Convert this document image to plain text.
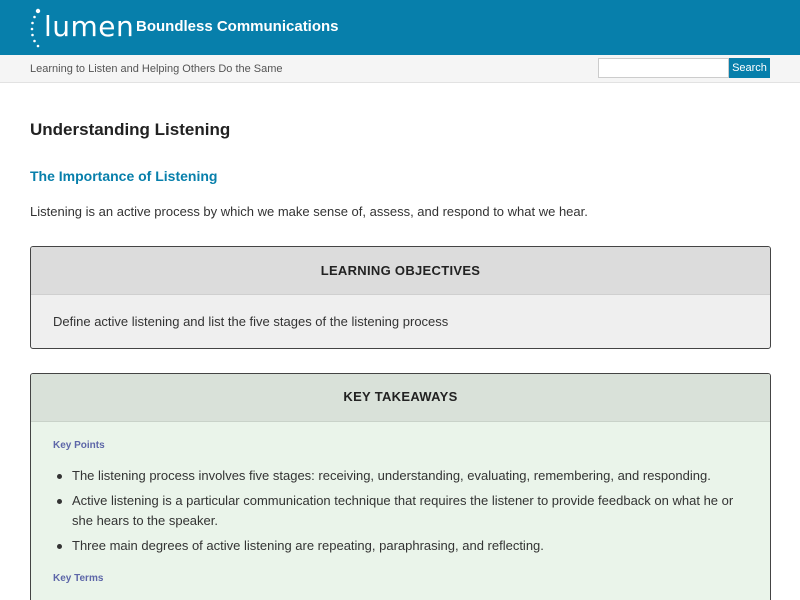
lumen Boundless Communications
Learning to Listen and Helping Others Do the Same	Search
Understanding Listening
The Importance of Listening

Listening is an active process by which we make sense of, assess, and respond to what we hear.

LEARNING OBJECTIVES

Define active listening and list the five stages of the listening process

KEY TAKEAWAYS
Key Points
The listening process involves five stages: receiving, understanding, evaluating, remembering, and responding.
Active listening is a particular communication technique that requires the listener to provide feedback on what he or she hears to the speaker.
Three main degrees of active listening are repeating, paraphrasing, and reflecting.
Key Terms
